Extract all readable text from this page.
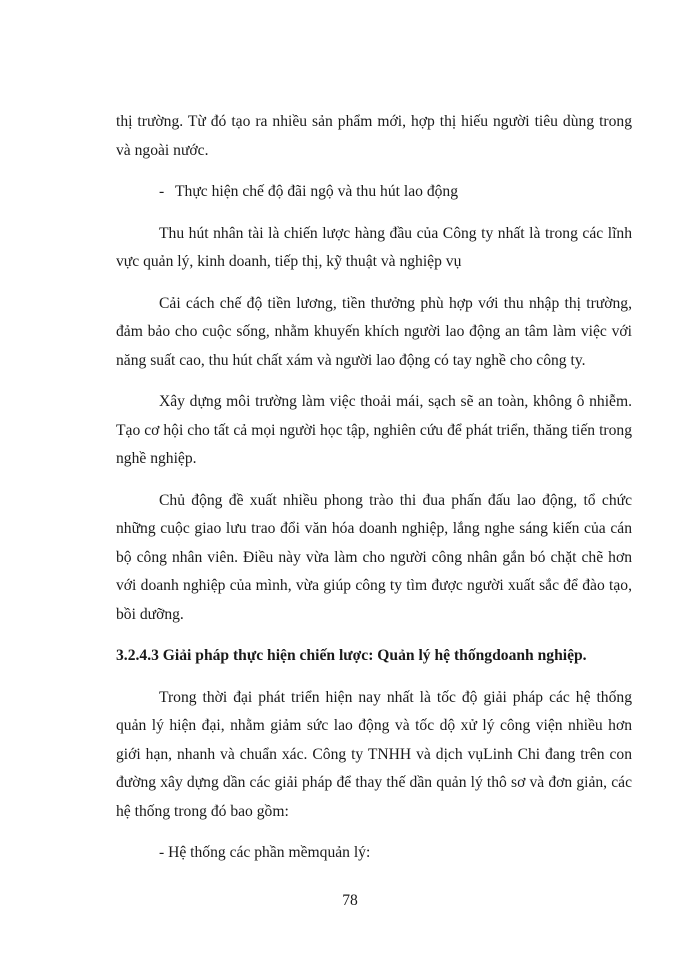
thị trường. Từ đó tạo ra nhiều sản phẩm mới, hợp thị hiếu người tiêu dùng trong và ngoài nước.

- Thực hiện chế độ đãi ngộ và thu hút lao động

Thu hút nhân tài là chiến lược hàng đầu của Công ty nhất là trong các lĩnh vực quản lý, kinh doanh, tiếp thị, kỹ thuật và nghiệp vụ

Cải cách chế độ tiền lương, tiền thưởng phù hợp với thu nhập thị trường, đảm bảo cho cuộc sống, nhằm khuyến khích người lao động an tâm làm việc với năng suất cao, thu hút chất xám và người lao động có tay nghề cho công ty.

Xây dựng môi trường làm việc thoải mái, sạch sẽ an toàn, không ô nhiễm. Tạo cơ hội cho tất cả mọi người học tập, nghiên cứu để phát triển, thăng tiến trong nghề nghiệp.

Chủ động đề xuất nhiều phong trào thi đua phấn đấu lao động, tổ chức những cuộc giao lưu trao đổi văn hóa doanh nghiệp, lắng nghe sáng kiến của cán bộ công nhân viên. Điều này vừa làm cho người công nhân gắn bó chặt chẽ hơn với doanh nghiệp của mình, vừa giúp công ty tìm được người xuất sắc để đào tạo, bồi dưỡng.

3.2.4.3 Giải pháp thực hiện chiến lược: Quản lý hệ thốngdoanh nghiệp.

Trong thời đại phát triển hiện nay nhất là tốc độ giải pháp các hệ thống quản lý hiện đại, nhằm giảm sức lao động và tốc dộ xử lý công viện nhiều hơn giới hạn, nhanh và chuẩn xác. Công ty TNHH và dịch vụLinh Chi đang trên con đường xây dựng dần các giải pháp để thay thế dần quản lý thô sơ và đơn giản, các hệ thống trong đó bao gồm:

- Hệ thống các phần mềmquản lý:

78
